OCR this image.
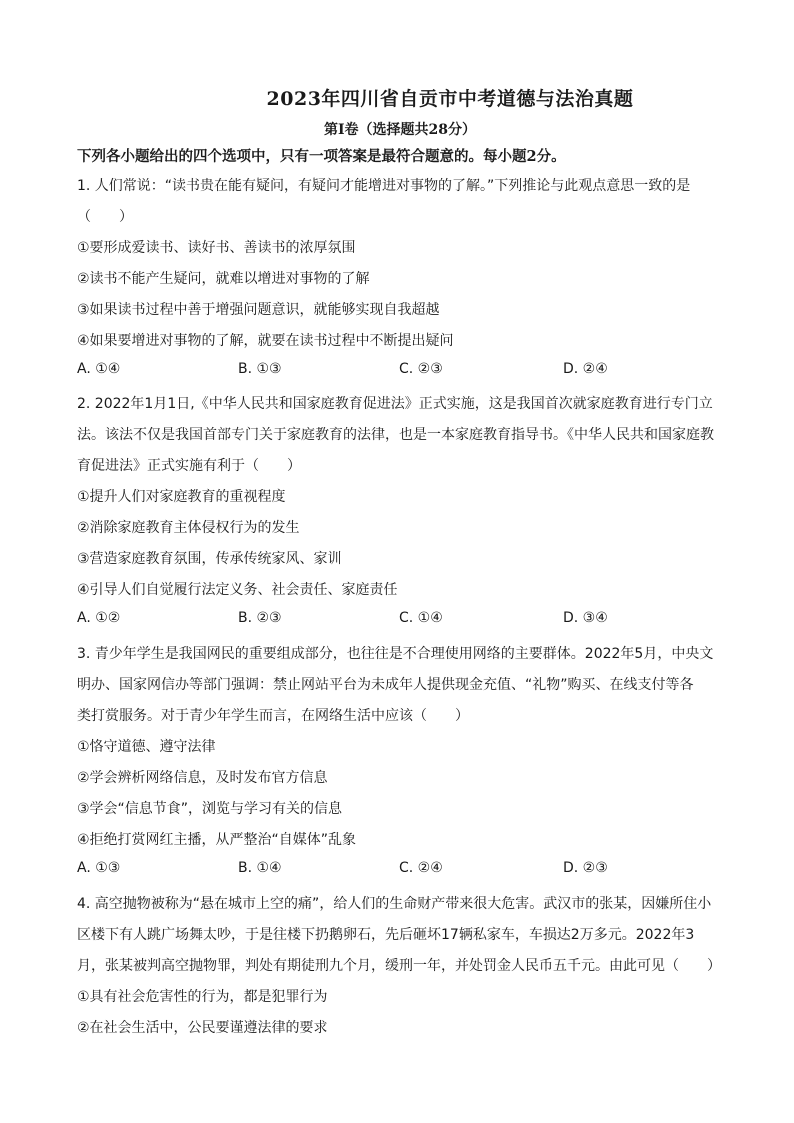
2023年四川省自贡市中考道德与法治真题
第Ⅰ卷（选择题共28分）
下列各小题给出的四个选项中，只有一项答案是最符合题意的。每小题2分。
1. 人们常说：“读书贵在能有疑问，有疑问才能增进对事物的了解。”下列推论与此观点意思一致的是
（　　）
①要形成爱读书、读好书、善读书的浓厚氛围
②读书不能产生疑问，就难以增进对事物的了解
③如果读书过程中善于增强问题意识，就能够实现自我超越
④如果要增进对事物的了解，就要在读书过程中不断提出疑问
A. ①④	B. ①③	C. ②③	D. ②④
2. 2022年1月1日,《中华人民共和国家庭教育促进法》正式实施，这是我国首次就家庭教育进行专门立
法。该法不仅是我国首部专门关于家庭教育的法律，也是一本家庭教育指导书。《中华人民共和国家庭教
育促进法》正式实施有利于（　　）
①提升人们对家庭教育的重视程度
②消除家庭教育主体侵权行为的发生
③营造家庭教育氛围，传承传统家风、家训
④引导人们自觉履行法定义务、社会责任、家庭责任
A. ①②	B. ②③	C. ①④	D. ③④
3. 青少年学生是我国网民的重要组成部分，也往往是不合理使用网络的主要群体。2022年5月，中央文
明办、国家网信办等部门强调：禁止网站平台为未成年人提供现金充值、“礼物”购买、在线支付等各
类打赏服务。对于青少年学生而言，在网络生活中应该（　　）
①恪守道德、遵守法律
②学会辨析网络信息，及时发布官方信息
③学会“信息节食”，浏览与学习有关的信息
④拒绝打赏网红主播，从严整治“自媒体”乱象
A. ①③	B. ①④	C. ②④	D. ②③
4. 高空抛物被称为“悬在城市上空的痛”，给人们的生命财产带来很大危害。武汉市的张某，因嫌所住小
区楼下有人跳广场舞太吵，于是往楼下扔鹅卵石，先后砸坏17辆私家车，车损达2万多元。2022年3
月，张某被判高空抛物罪，判处有期徒刑九个月，缓刑一年，并处罚金人民币五千元。由此可见（　　）
①具有社会危害性的行为，都是犯罪行为
②在社会生活中，公民要谨遵法律的要求
